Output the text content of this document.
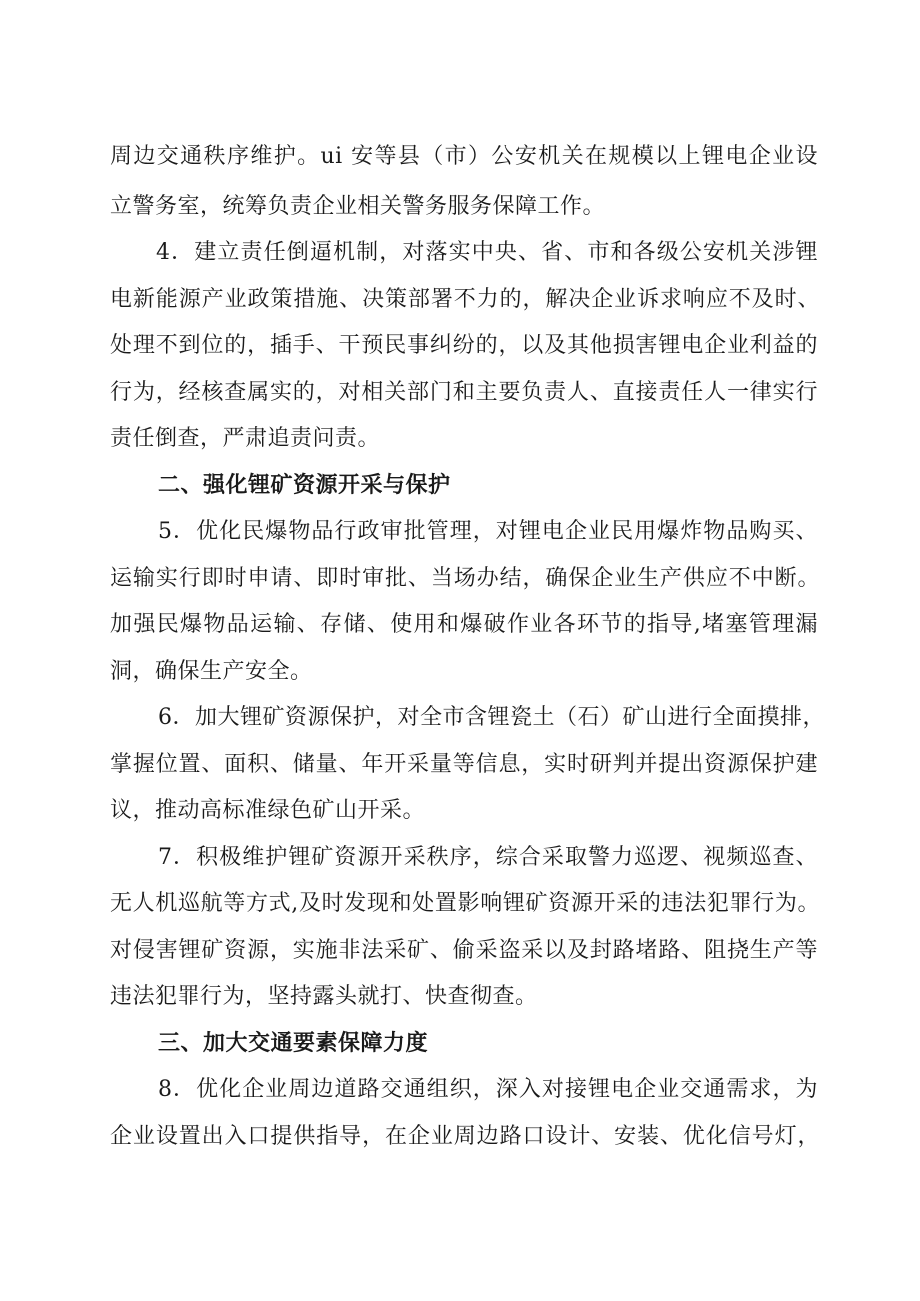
周边交通秩序维护。ui 安等县（市）公安机关在规模以上锂电企业设
立警务室，统筹负责企业相关警务服务保障工作。
4．建立责任倒逼机制，对落实中央、省、市和各级公安机关涉锂
电新能源产业政策措施、决策部署不力的，解决企业诉求响应不及时、
处理不到位的，插手、干预民事纠纷的，以及其他损害锂电企业利益的
行为，经核查属实的，对相关部门和主要负责人、直接责任人一律实行
责任倒查，严肃追责问责。
二、强化锂矿资源开采与保护
5．优化民爆物品行政审批管理，对锂电企业民用爆炸物品购买、
运输实行即时申请、即时审批、当场办结，确保企业生产供应不中断。
加强民爆物品运输、存储、使用和爆破作业各环节的指导,堵塞管理漏
洞，确保生产安全。
6．加大锂矿资源保护，对全市含锂瓷土（石）矿山进行全面摸排，
掌握位置、面积、储量、年开采量等信息，实时研判并提出资源保护建
议，推动高标准绿色矿山开采。
7．积极维护锂矿资源开采秩序，综合采取警力巡逻、视频巡查、
无人机巡航等方式,及时发现和处置影响锂矿资源开采的违法犯罪行为。
对侵害锂矿资源，实施非法采矿、偷采盗采以及封路堵路、阻挠生产等
违法犯罪行为，坚持露头就打、快查彻查。
三、加大交通要素保障力度
8．优化企业周边道路交通组织，深入对接锂电企业交通需求，为
企业设置出入口提供指导，在企业周边路口设计、安装、优化信号灯，
